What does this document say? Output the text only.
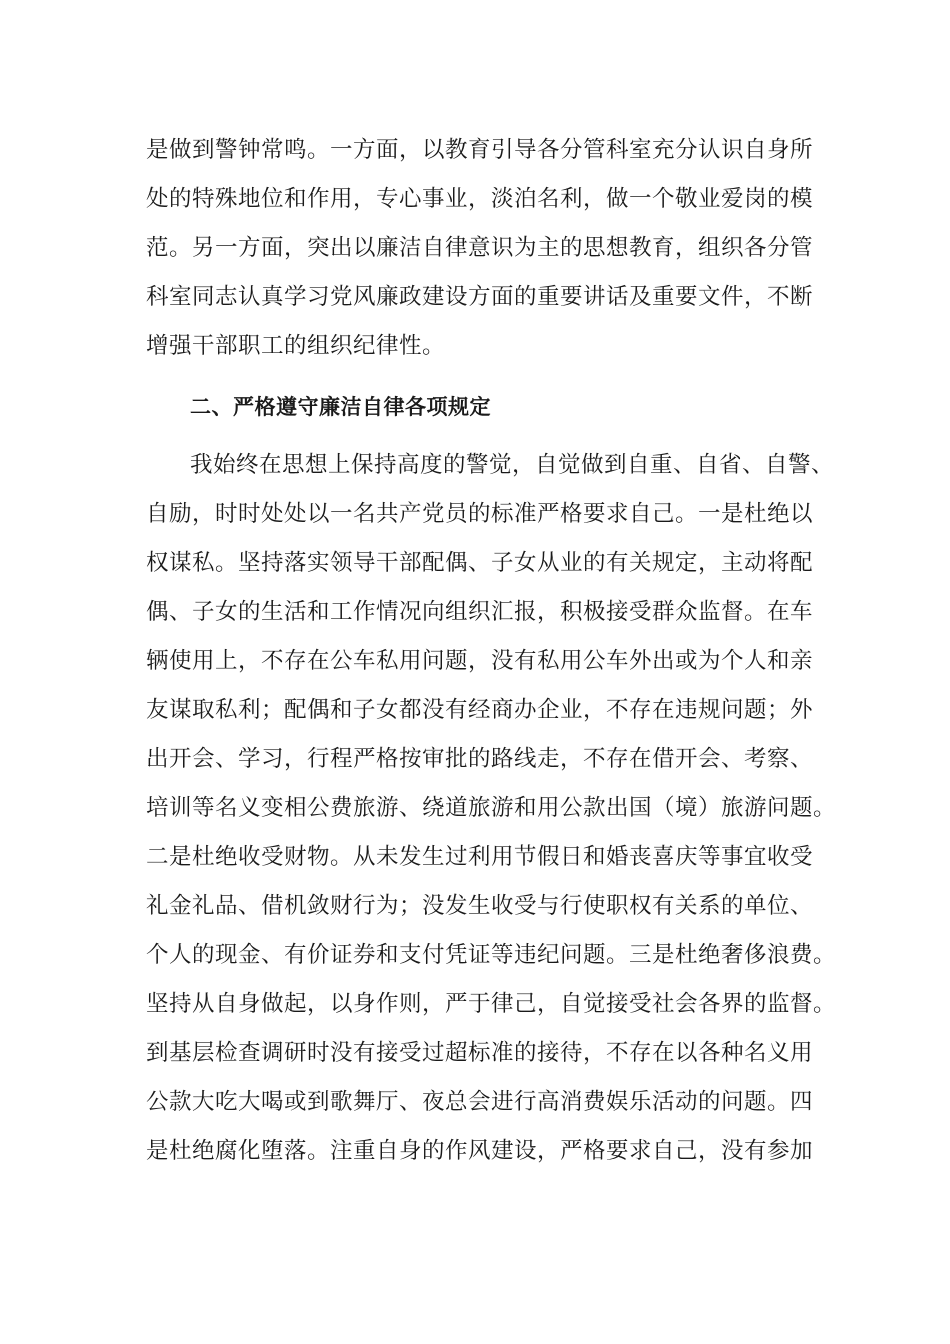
是做到警钟常鸣。一方面，以教育引导各分管科室充分认识自身所
处的特殊地位和作用，专心事业，淡泊名利，做一个敬业爱岗的模
范。另一方面，突出以廉洁自律意识为主的思想教育，组织各分管
科室同志认真学习党风廉政建设方面的重要讲话及重要文件，不断
增强干部职工的组织纪律性。
二、严格遵守廉洁自律各项规定
我始终在思想上保持高度的警觉，自觉做到自重、自省、自警、
自励，时时处处以一名共产党员的标准严格要求自己。一是杜绝以
权谋私。坚持落实领导干部配偶、子女从业的有关规定，主动将配
偶、子女的生活和工作情况向组织汇报，积极接受群众监督。在车
辆使用上，不存在公车私用问题，没有私用公车外出或为个人和亲
友谋取私利；配偶和子女都没有经商办企业，不存在违规问题；外
出开会、学习，行程严格按审批的路线走，不存在借开会、考察、
培训等名义变相公费旅游、绕道旅游和用公款出国（境）旅游问题。
二是杜绝收受财物。从未发生过利用节假日和婚丧喜庆等事宜收受
礼金礼品、借机敛财行为；没发生收受与行使职权有关系的单位、
个人的现金、有价证券和支付凭证等违纪问题。三是杜绝奢侈浪费。
坚持从自身做起，以身作则，严于律己，自觉接受社会各界的监督。
到基层检查调研时没有接受过超标准的接待，不存在以各种名义用
公款大吃大喝或到歌舞厅、夜总会进行高消费娱乐活动的问题。四
是杜绝腐化堕落。注重自身的作风建设，严格要求自己，没有参加
